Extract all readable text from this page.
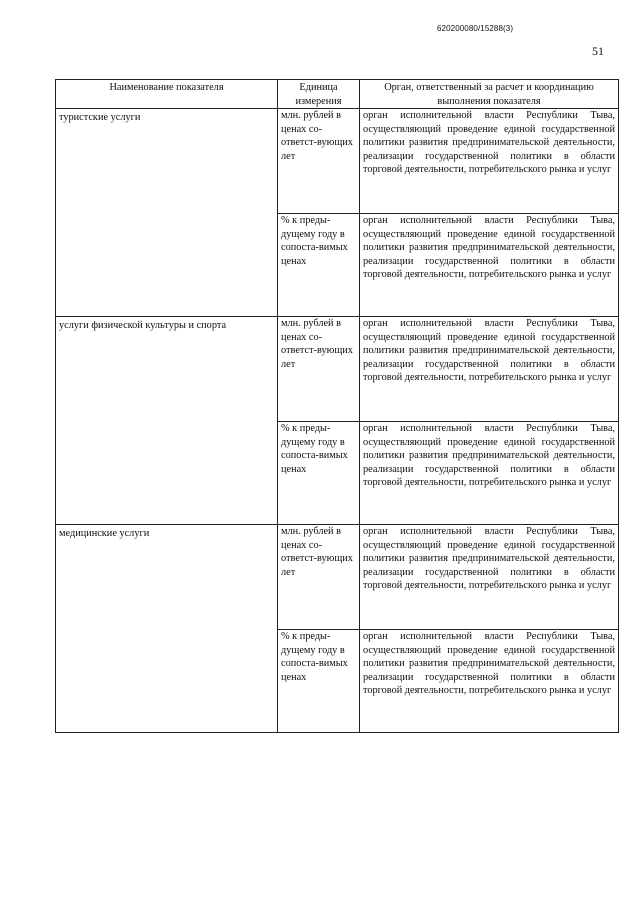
620200080/15288(3)
51
Наименование показателя	Единица измерения	Орган, ответственный за расчет и координацию выполнения показателя
туристские услуги	млн. рублей в ценах со-ответст-вующих лет	орган исполнительной власти Республики Тыва, осуществляющий проведение единой государственной политики развития предпринимательской деятельности, реализации государственной политики в области торговой деятельности, потребительского рынка и услуг
	% к преды-дущему году в сопоста-вимых ценах	орган исполнительной власти Республики Тыва, осуществляющий проведение единой государственной политики развития предпринимательской деятельности, реализации государственной политики в области торговой деятельности, потребительского рынка и услуг
услуги физической культуры и спорта	млн. рублей в ценах со-ответст-вующих лет	орган исполнительной власти Республики Тыва, осуществляющий проведение единой государственной политики развития предпринимательской деятельности, реализации государственной политики в области торговой деятельности, потребительского рынка и услуг
	% к преды-дущему году в сопоста-вимых ценах	орган исполнительной власти Республики Тыва, осуществляющий проведение единой государственной политики развития предпринимательской деятельности, реализации государственной политики в области торговой деятельности, потребительского рынка и услуг
медицинские услуги	млн. рублей в ценах со-ответст-вующих лет	орган исполнительной власти Республики Тыва, осуществляющий проведение единой государственной политики развития предпринимательской деятельности, реализации государственной политики в области торговой деятельности, потребительского рынка и услуг
	% к преды-дущему году в сопоста-вимых ценах	орган исполнительной власти Республики Тыва, осуществляющий проведение единой государственной политики развития предпринимательской деятельности, реализации государственной политики в области торговой деятельности, потребительского рынка и услуг
